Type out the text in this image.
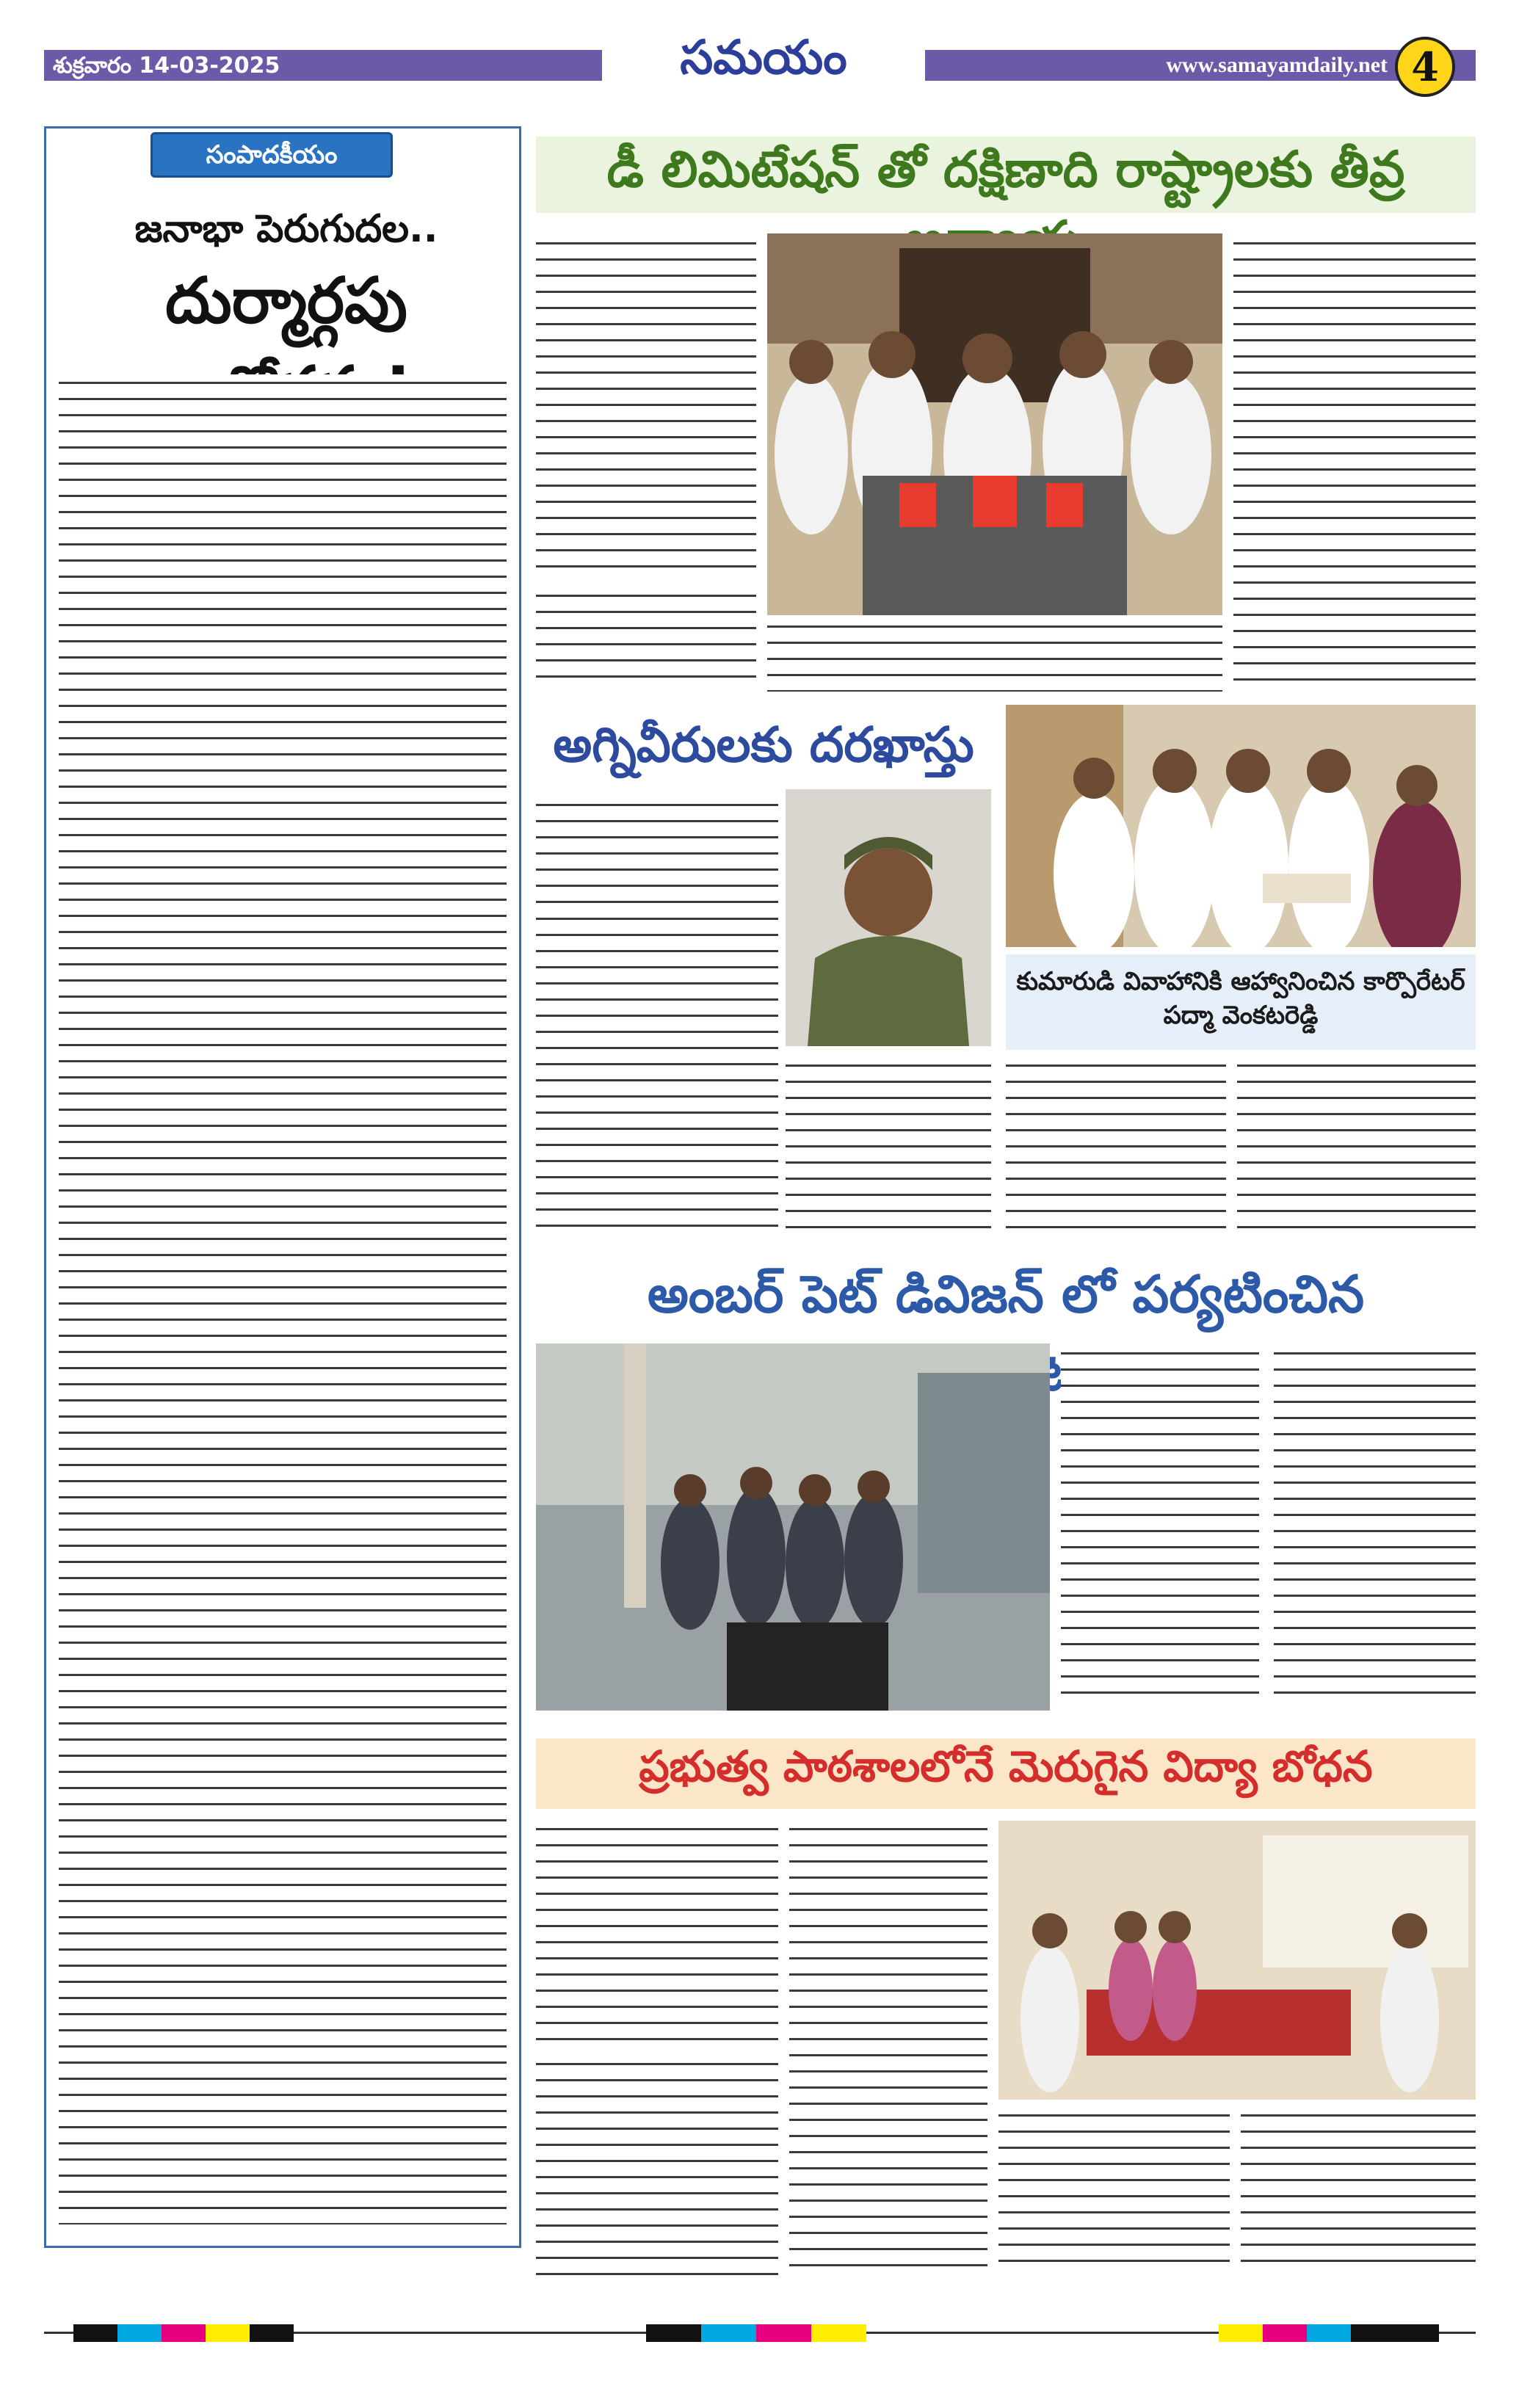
శుక్రవారం 14-03-2025	సమయం	www.samayamdaily.net 4
సంపాదకీయం
జనాభా పెరుగుదల..
దుర్మార్గపు
డీ లిమిటేషన్ తో దక్షిణాది రాష్ట్రాలకు తీవ్ర
అగ్నివీరులకు దరఖాస్తు
కుమారుడి వివాహానికి ఆహ్వానించిన కార్పొరేటర్ పద్మా వెంకటరెడ్డి
అంబర్ పెట్ డివిజన్ లో పర్యటించిన
ప్రభుత్వ పాఠశాలలోనే మెరుగైన విద్యా బోధన
